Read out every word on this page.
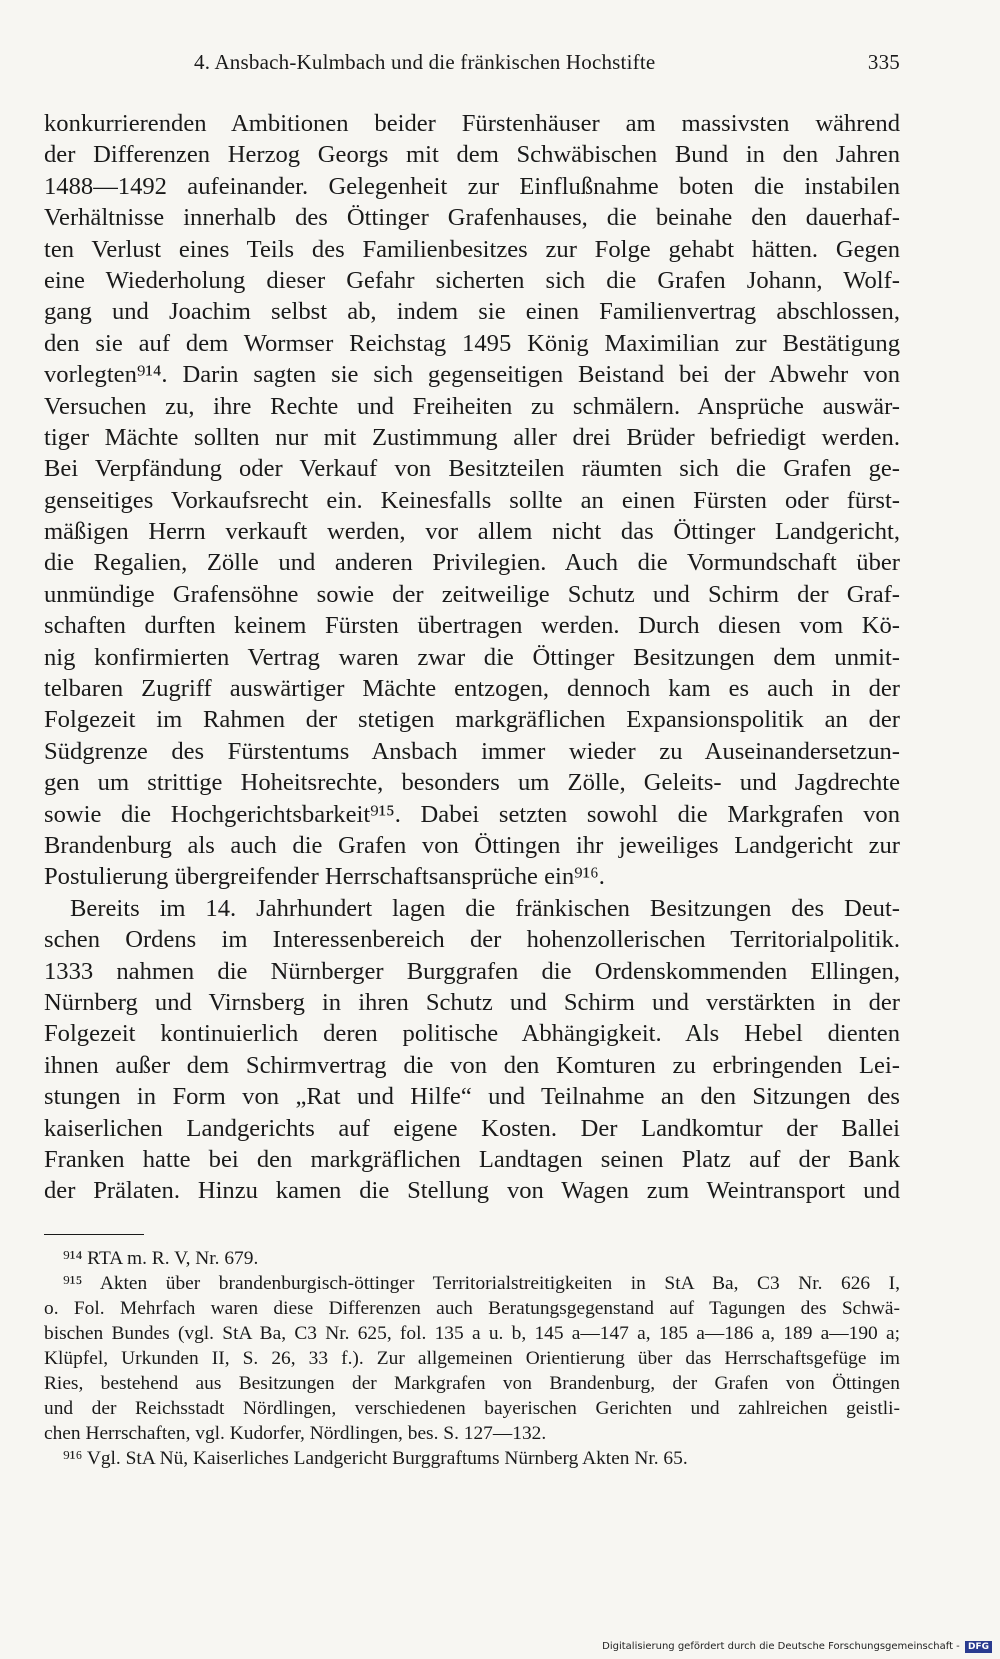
4. Ansbach-Kulmbach und die fränkischen Hochstifte	335
konkurrierenden Ambitionen beider Fürstenhäuser am massivsten während
der Differenzen Herzog Georgs mit dem Schwäbischen Bund in den Jahren
1488—1492 aufeinander. Gelegenheit zur Einflußnahme boten die instabilen
Verhältnisse innerhalb des Öttinger Grafenhauses, die beinahe den dauerhaf-
ten Verlust eines Teils des Familienbesitzes zur Folge gehabt hätten. Gegen
eine Wiederholung dieser Gefahr sicherten sich die Grafen Johann, Wolf-
gang und Joachim selbst ab, indem sie einen Familienvertrag abschlossen,
den sie auf dem Wormser Reichstag 1495 König Maximilian zur Bestätigung
vorlegten⁹¹⁴. Darin sagten sie sich gegenseitigen Beistand bei der Abwehr von
Versuchen zu, ihre Rechte und Freiheiten zu schmälern. Ansprüche auswär-
tiger Mächte sollten nur mit Zustimmung aller drei Brüder befriedigt werden.
Bei Verpfändung oder Verkauf von Besitzteilen räumten sich die Grafen ge-
genseitiges Vorkaufsrecht ein. Keinesfalls sollte an einen Fürsten oder fürst-
mäßigen Herrn verkauft werden, vor allem nicht das Öttinger Landgericht,
die Regalien, Zölle und anderen Privilegien. Auch die Vormundschaft über
unmündige Grafensöhne sowie der zeitweilige Schutz und Schirm der Graf-
schaften durften keinem Fürsten übertragen werden. Durch diesen vom Kö-
nig konfirmierten Vertrag waren zwar die Öttinger Besitzungen dem unmit-
telbaren Zugriff auswärtiger Mächte entzogen, dennoch kam es auch in der
Folgezeit im Rahmen der stetigen markgräflichen Expansionspolitik an der
Südgrenze des Fürstentums Ansbach immer wieder zu Auseinandersetzun-
gen um strittige Hoheitsrechte, besonders um Zölle, Geleits- und Jagdrechte
sowie die Hochgerichtsbarkeit⁹¹⁵. Dabei setzten sowohl die Markgrafen von
Brandenburg als auch die Grafen von Öttingen ihr jeweiliges Landgericht zur
Postulierung übergreifender Herrschaftsansprüche ein⁹¹⁶.
Bereits im 14. Jahrhundert lagen die fränkischen Besitzungen des Deut-
schen Ordens im Interessenbereich der hohenzollerischen Territorialpolitik.
1333 nahmen die Nürnberger Burggrafen die Ordenskommenden Ellingen,
Nürnberg und Virnsberg in ihren Schutz und Schirm und verstärkten in der
Folgezeit kontinuierlich deren politische Abhängigkeit. Als Hebel dienten
ihnen außer dem Schirmvertrag die von den Komturen zu erbringenden Lei-
stungen in Form von „Rat und Hilfe“ und Teilnahme an den Sitzungen des
kaiserlichen Landgerichts auf eigene Kosten. Der Landkomtur der Ballei
Franken hatte bei den markgräflichen Landtagen seinen Platz auf der Bank
der Prälaten. Hinzu kamen die Stellung von Wagen zum Weintransport und
⁹¹⁴ RTA m. R. V, Nr. 679.
⁹¹⁵ Akten über brandenburgisch-öttinger Territorialstreitigkeiten in StA Ba, C3 Nr. 626 I,
o. Fol. Mehrfach waren diese Differenzen auch Beratungsgegenstand auf Tagungen des Schwä-
bischen Bundes (vgl. StA Ba, C3 Nr. 625, fol. 135 a u. b, 145 a—147 a, 185 a—186 a, 189 a—190 a;
Klüpfel, Urkunden II, S. 26, 33 f.). Zur allgemeinen Orientierung über das Herrschaftsgefüge im
Ries, bestehend aus Besitzungen der Markgrafen von Brandenburg, der Grafen von Öttingen
und der Reichsstadt Nördlingen, verschiedenen bayerischen Gerichten und zahlreichen geistli-
chen Herrschaften, vgl. Kudorfer, Nördlingen, bes. S. 127—132.
⁹¹⁶ Vgl. StA Nü, Kaiserliches Landgericht Burggraftums Nürnberg Akten Nr. 65.
Digitalisierung gefördert durch die Deutsche Forschungsgemeinschaft - DFG
